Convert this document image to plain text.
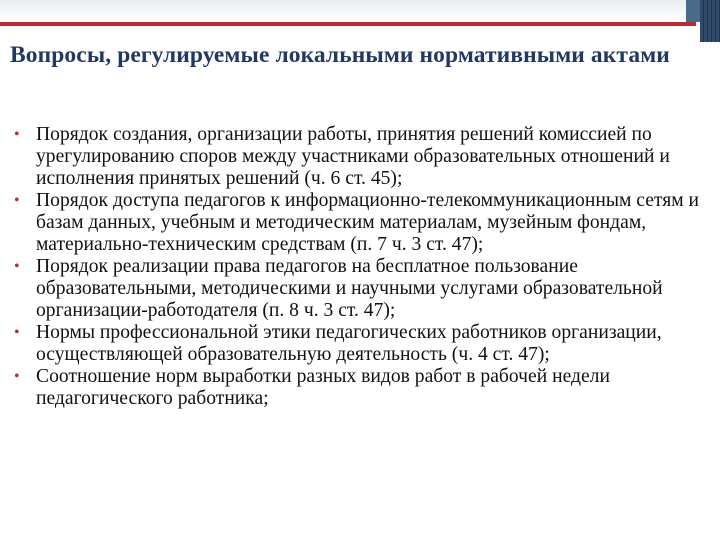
Вопросы, регулируемые локальными нормативными актами
• Порядок создания, организации работы, принятия решений комиссией по урегулированию споров между участниками образовательных отношений и исполнения принятых решений (ч. 6 ст. 45);
• Порядок доступа педагогов к информационно-телекоммуникационным сетям и базам данных, учебным и методическим материалам, музейным фондам, материально-техническим средствам (п. 7 ч. 3 ст. 47);
• Порядок реализации права педагогов на бесплатное пользование образовательными, методическими и научными услугами образовательной организации-работодателя (п. 8 ч. 3 ст. 47);
• Нормы профессиональной этики педагогических работников организации, осуществляющей образовательную деятельность (ч. 4 ст. 47);
• Соотношение норм выработки разных видов работ в рабочей недели педагогического работника;
